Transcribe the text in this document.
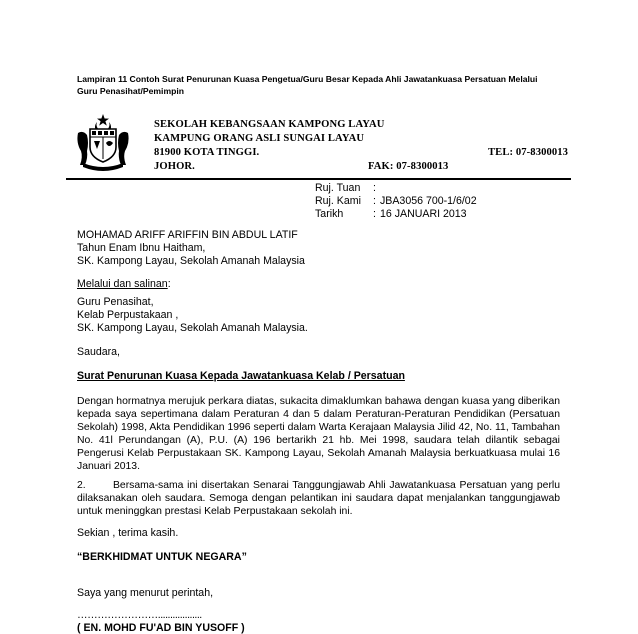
Lampiran 11 Contoh Surat Penurunan Kuasa Pengetua/Guru Besar Kepada Ahli Jawatankuasa Persatuan Melalui
Guru Penasihat/Pemimpin
SEKOLAH KEBANGSAAN KAMPONG LAYAU
KAMPUNG ORANG ASLI SUNGAI LAYAU
81900 KOTA TINGGI.
JOHOR.
TEL: 07-8300013
FAK: 07-8300013
Ruj. Tuan	:
Ruj. Kami	: JBA3056 700-1/6/02
Tarikh	: 16 JANUARI 2013
MOHAMAD ARIFF ARIFFIN BIN ABDUL LATIF
Tahun Enam Ibnu Haitham,
SK. Kampong Layau, Sekolah Amanah Malaysia
Melalui dan salinan:
Guru Penasihat,
Kelab Perpustakaan ,
SK. Kampong Layau, Sekolah Amanah Malaysia.
Saudara,
Surat Penurunan Kuasa Kepada Jawatankuasa Kelab / Persatuan
Dengan hormatnya merujuk perkara diatas, sukacita dimaklumkan bahawa dengan kuasa yang diberikan kepada saya sepertimana dalam Peraturan 4 dan 5 dalam Peraturan-Peraturan Pendidikan (Persatuan Sekolah) 1998, Akta Pendidikan 1996 seperti dalam Warta Kerajaan Malaysia Jilid 42, No. 11, Tambahan No. 41l Perundangan (A), P.U. (A) 196 bertarikh 21 hb. Mei 1998, saudara telah dilantik sebagai Pengerusi Kelab Perpustakaan SK. Kampong Layau, Sekolah Amanah Malaysia berkuatkuasa mulai 16 Januari 2013.
2.	Bersama-sama ini disertakan Senarai Tanggungjawab Ahli Jawatankuasa Persatuan yang perlu dilaksanakan oleh saudara. Semoga dengan pelantikan ini saudara dapat menjalankan tanggungjawab untuk meninggkan prestasi Kelab Perpustakaan sekolah ini.
Sekian , terima kasih.
“BERKHIDMAT UNTUK NEGARA”
Saya yang menurut perintah,
……………………..................
( EN. MOHD FU'AD BIN YUSOFF )
